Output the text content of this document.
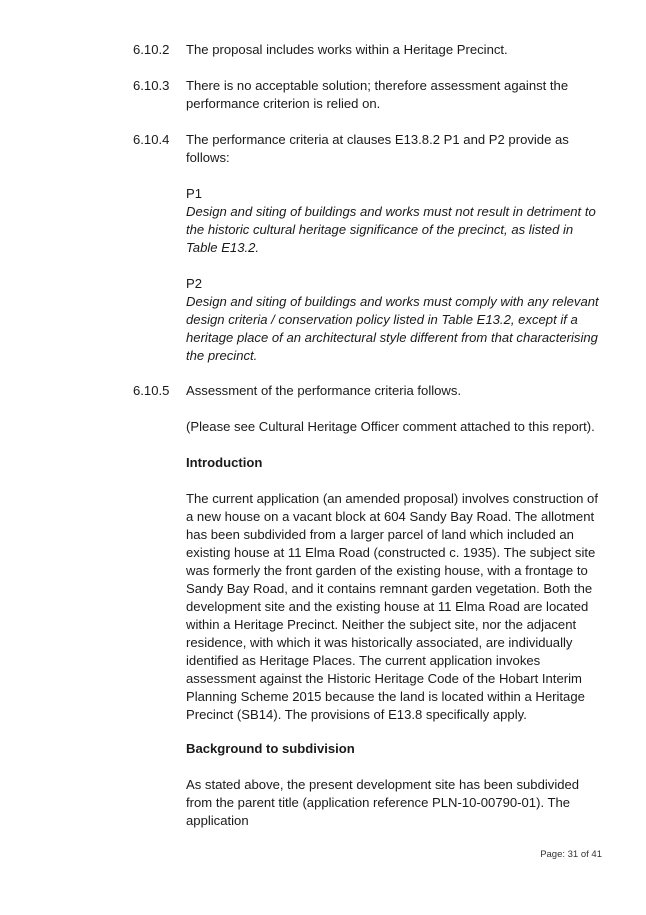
6.10.2	The proposal includes works within a Heritage Precinct.

6.10.3	There is no acceptable solution; therefore assessment against the performance criterion is relied on.

6.10.4	The performance criteria at clauses E13.8.2 P1 and P2 provide as follows:

P1

Design and siting of buildings and works must not result in detriment to the historic cultural heritage significance of the precinct, as listed in Table E13.2.

P2

Design and siting of buildings and works must comply with any relevant design criteria / conservation policy listed in Table E13.2, except if a heritage place of an architectural style different from that characterising the precinct.

6.10.5	Assessment of the performance criteria follows.

(Please see Cultural Heritage Officer comment attached to this report).

Introduction

The current application (an amended proposal) involves construction of a new house on a vacant block at 604 Sandy Bay Road. The allotment has been subdivided from a larger parcel of land which included an existing house at 11 Elma Road (constructed c. 1935). The subject site was formerly the front garden of the existing house, with a frontage to Sandy Bay Road, and it contains remnant garden vegetation. Both the development site and the existing house at 11 Elma Road are located within a Heritage Precinct. Neither the subject site, nor the adjacent residence, with which it was historically associated, are individually identified as Heritage Places. The current application invokes assessment against the Historic Heritage Code of the Hobart Interim Planning Scheme 2015 because the land is located within a Heritage Precinct (SB14). The provisions of E13.8 specifically apply.

Background to subdivision

As stated above, the present development site has been subdivided from the parent title (application reference PLN-10-00790-01). The application

Page: 31 of 41
